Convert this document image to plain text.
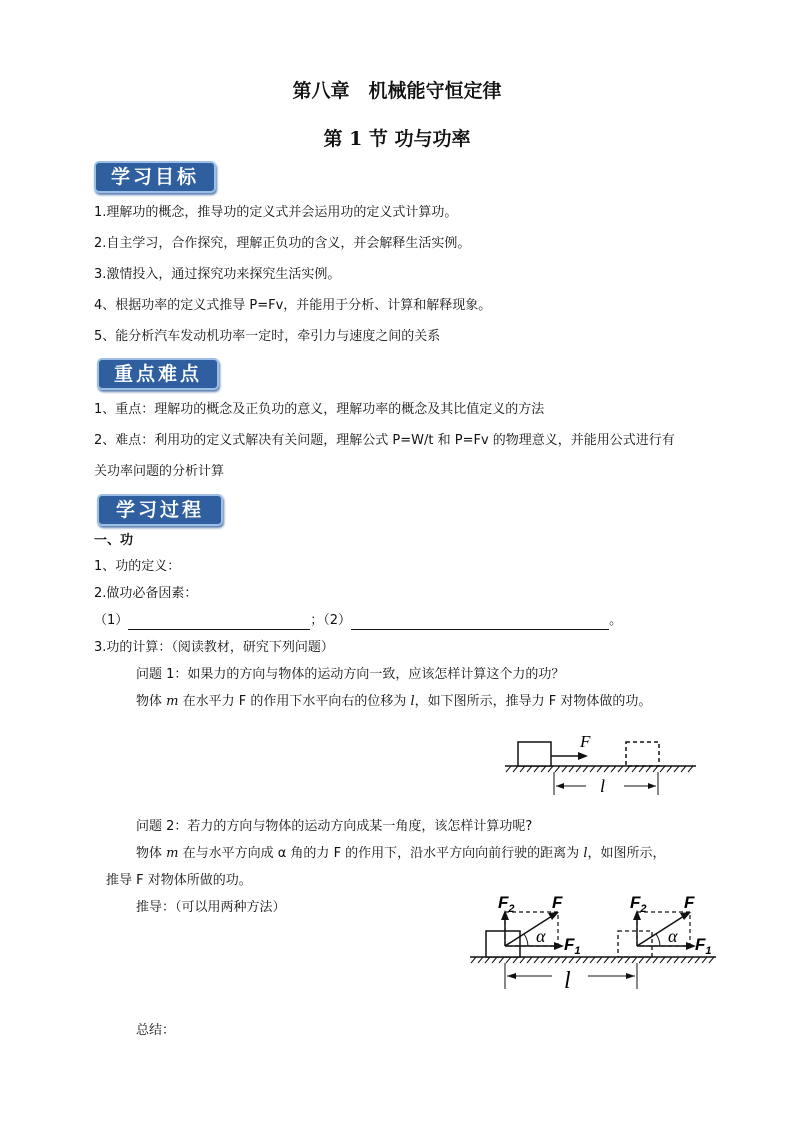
第八章　机械能守恒定律
第 1 节 功与功率
学习目标
1.理解功的概念，推导功的定义式并会运用功的定义式计算功。
2.自主学习，合作探究，理解正负功的含义，并会解释生活实例。
3.激情投入，通过探究功来探究生活实例。
4、根据功率的定义式推导 P=Fv，并能用于分析、计算和解释现象。
5、能分析汽车发动机功率一定时，牵引力与速度之间的关系
重点难点
1、重点：理解功的概念及正负功的意义，理解功率的概念及其比值定义的方法
2、难点：利用功的定义式解决有关问题，理解公式 P=W/t 和 P=Fv 的物理意义，并能用公式进行有
关功率问题的分析计算
学习过程
一、功
1、功的定义：
2.做功必备因素：
（1）	；（2）	。
3.功的计算：（阅读教材，研究下列问题）
问题 1：如果力的方向与物体的运动方向一致，应该怎样计算这个力的功？
物体 m 在水平力 F 的作用下水平向右的位移为 l，如下图所示，推导力 F 对物体做的功。
F
l
问题 2：若力的方向与物体的运动方向成某一角度，该怎样计算功呢?
物体 m 在与水平方向成 α 角的力 F 的作用下，沿水平方向向前行驶的距离为 l，如图所示，
推导 F 对物体所做的功。
推导：（可以用两种方法）	$F_2$ F
α $F_1$
$F_2$ F
α $F_1$
l
总结：
